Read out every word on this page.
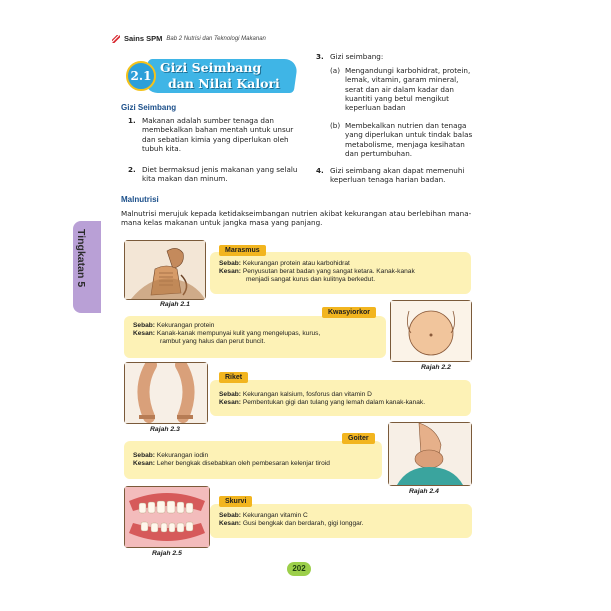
Sains SPM Bab 2 Nutrisi dan Teknologi Makanan
2.1
Gizi Seimbang
dan Nilai Kalori
Gizi Seimbang
1. Makanan adalah sumber tenaga dan membekalkan bahan mentah untuk unsur dan sebatian kimia yang diperlukan oleh tubuh kita.
2. Diet bermaksud jenis makanan yang selalu kita makan dan minum.
3. Gizi seimbang:
(a) Mengandungi karbohidrat, protein, lemak, vitamin, garam mineral, serat dan air dalam kadar dan kuantiti yang betul mengikut keperluan badan
(b) Membekalkan nutrien dan tenaga yang diperlukan untuk tindak balas metabolisme, menjaga kesihatan dan pertumbuhan.
4. Gizi seimbang akan dapat memenuhi keperluan tenaga harian badan.
Malnutrisi
Malnutrisi merujuk kepada ketidakseimbangan nutrien akibat kekurangan atau berlebihan mana-mana kelas makanan untuk jangka masa yang panjang.
Tingkatan 5
Rajah 2.1
Marasmus
Sebab: Kekurangan protein atau karbohidrat
Kesan: Penyusutan berat badan yang sangat ketara. Kanak-kanak
menjadi sangat kurus dan kulitnya berkedut.
Kwasyiorkor
Sebab: Kekurangan protein
Kesan: Kanak-kanak mempunyai kulit yang mengelupas, kurus,
rambut yang halus dan perut buncit.
Rajah 2.2
Rajah 2.3
Riket
Sebab: Kekurangan kalsium, fosforus dan vitamin D
Kesan: Pembentukan gigi dan tulang yang lemah dalam kanak-kanak.
Goiter
Sebab: Kekurangan iodin
Kesan: Leher bengkak disebabkan oleh pembesaran kelenjar tiroid
Rajah 2.4
Rajah 2.5
Skurvi
Sebab: Kekurangan vitamin C
Kesan: Gusi bengkak dan berdarah, gigi longgar.
202
